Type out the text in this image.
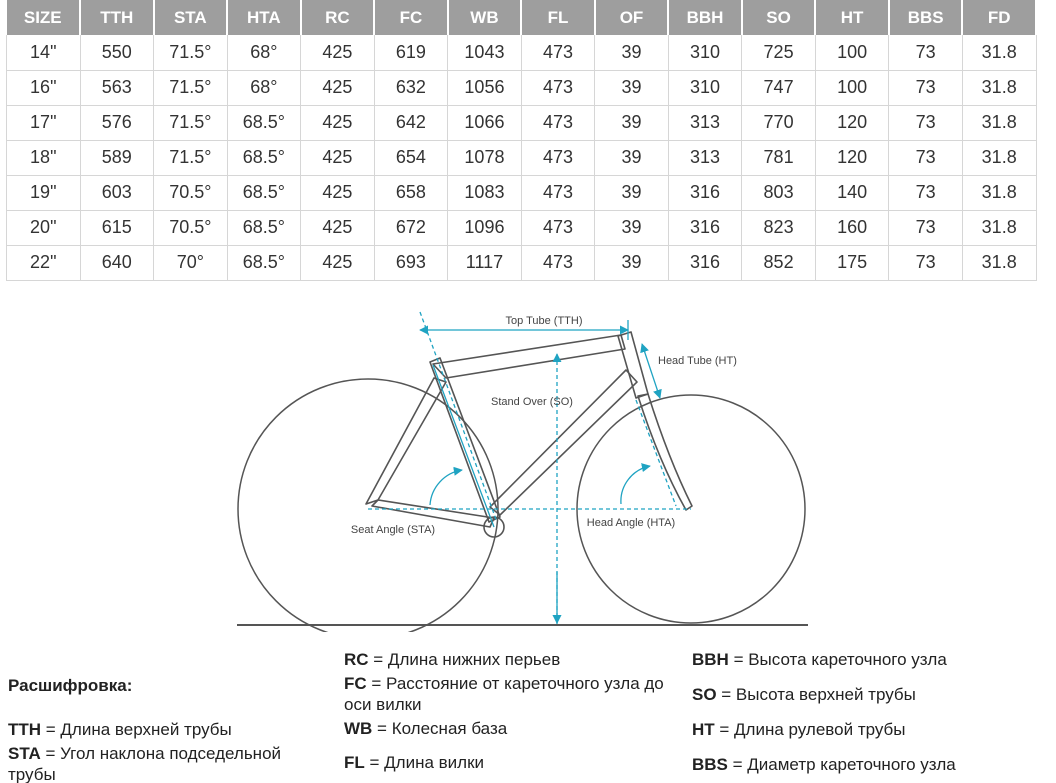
SIZE	TTH	STA	HTA	RC	FC	WB	FL	OF	BBH	SO	HT	BBS	FD
14"	550	71.5°	68°	425	619	1043	473	39	310	725	100	73	31.8
16"	563	71.5°	68°	425	632	1056	473	39	310	747	100	73	31.8
17"	576	71.5°	68.5°	425	642	1066	473	39	313	770	120	73	31.8
18"	589	71.5°	68.5°	425	654	1078	473	39	313	781	120	73	31.8
19"	603	70.5°	68.5°	425	658	1083	473	39	316	803	140	73	31.8
20"	615	70.5°	68.5°	425	672	1096	473	39	316	823	160	73	31.8
22"	640	70°	68.5°	425	693	1117	473	39	316	852	175	73	31.8
Top Tube (TTH)
Head Tube (HT)
Stand Over (SO)
Seat Angle (STA)
Head Angle (HTA)

Расшифровка:

TTH = Длина верхней трубы

STA = Угол наклона подседельной трубы

RC = Длина нижних перьев

FC = Расстояние от кареточного узла до оси вилки

WB = Колесная база

FL = Длина вилки

BBH = Высота кареточного узла

SO = Высота верхней трубы

HT = Длина рулевой трубы

BBS = Диаметр кареточного узла
